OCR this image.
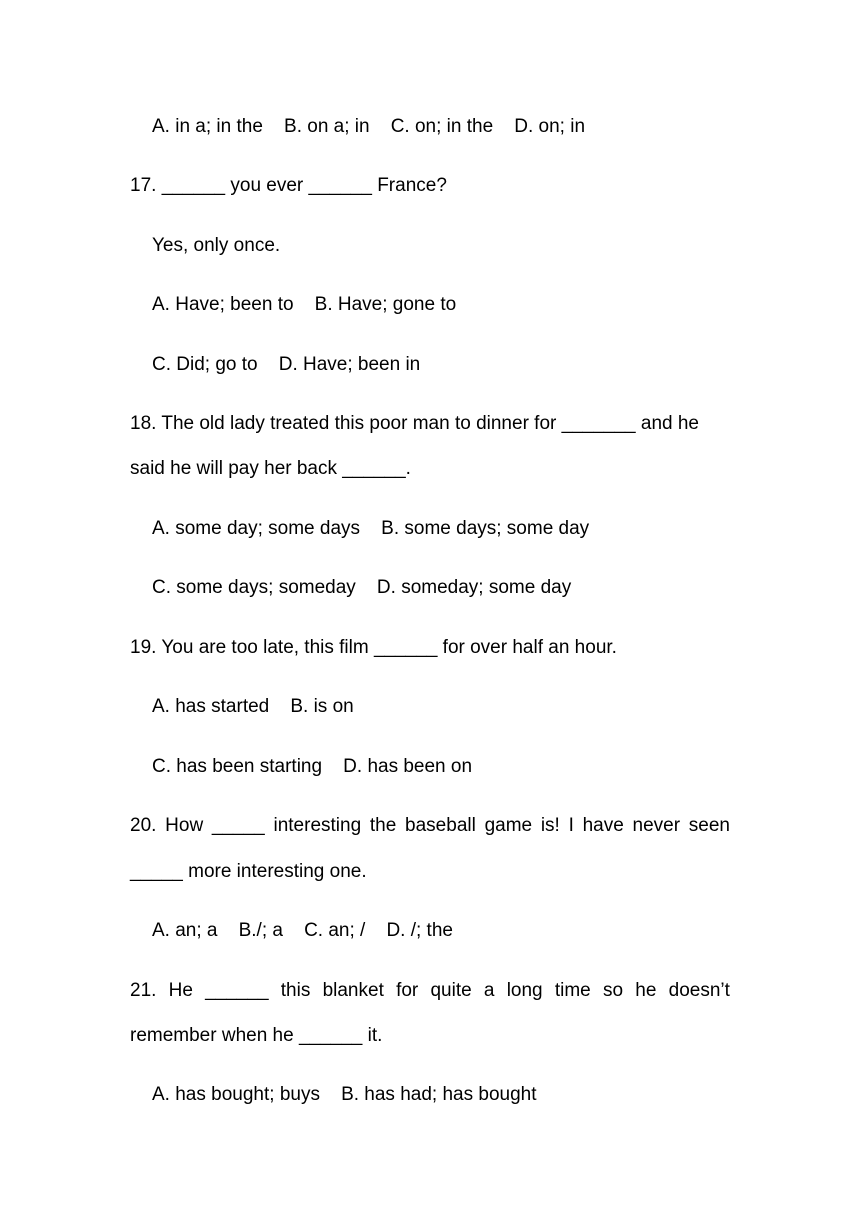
A. in a; in the    B. on a; in    C. on; in the    D. on; in
17. ______ you ever ______ France?
Yes, only once.
A. Have; been to    B. Have; gone to
C. Did; go to    D. Have; been in
18. The old lady treated this poor man to dinner for _______ and he
said he will pay her back ______.
A. some day; some days    B. some days; some day
C. some days; someday    D. someday; some day
19. You are too late, this film ______ for over half an hour.
A. has started    B. is on
C. has been starting    D. has been on
20. How _____ interesting the baseball game is! I have never seen
_____ more interesting one.
A. an; a    B./; a    C. an; /    D. /; the
21. He ______ this blanket for quite a long time so he doesn’t
remember when he ______ it.
A. has bought; buys    B. has had; has bought
